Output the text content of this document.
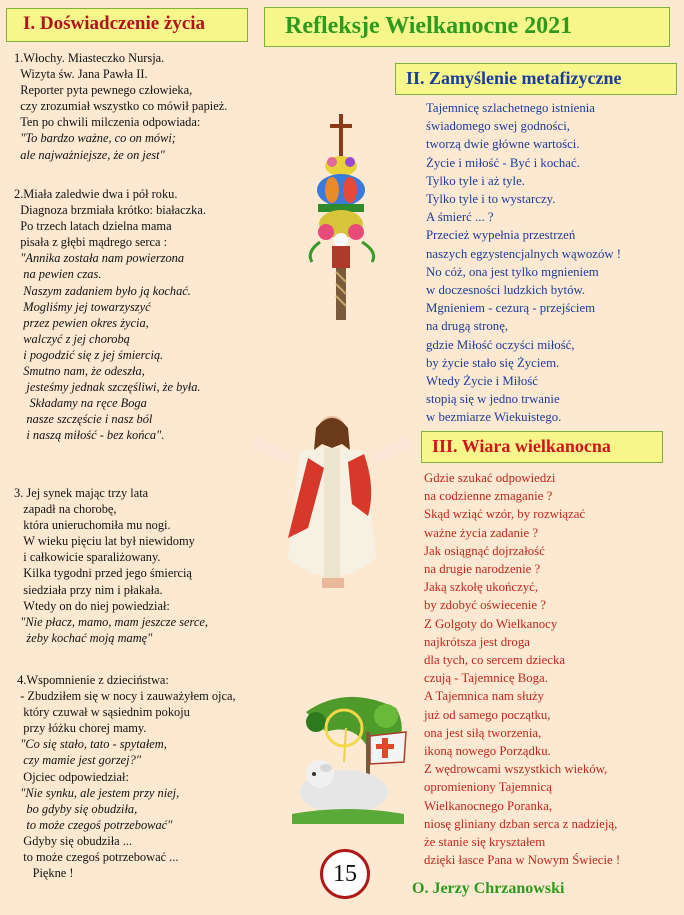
I. Doświadczenie życia	Refleksje Wielkanocne 2021
II. Zamyślenie metafizyczne
III. Wiara wielkanocna
1.Włochy. Miasteczko Nursja.
Wizyta św. Jana Pawła II.
Reporter pyta pewnego człowieka,
czy zrozumiał wszystko co mówił papież.
Ten po chwili milczenia odpowiada:
"To bardzo ważne, co on mówi;
ale najważniejsze, że on jest"
2.Miała zaledwie dwa i pół roku.
Diagnoza brzmiała krótko: białaczka.
Po trzech latach dzielna mama
pisała z głębi mądrego serca :
"Annika została nam powierzona
na pewien czas.
Naszym zadaniem było ją kochać.
Mogliśmy jej towarzyszyć
przez pewien okres życia,
walczyć z jej chorobą
i pogodzić się z jej śmiercią.
Smutno nam, że odeszła,
jesteśmy jednak szczęśliwi, że była.
Składamy na ręce Boga
nasze szczęście i nasz ból
i naszą miłość - bez końca".
3. Jej synek mając trzy lata
zapadł na chorobę,
która unieruchomiła mu nogi.
W wieku pięciu lat był niewidomy
i całkowicie sparaliżowany.
Kilka tygodni przed jego śmiercią
siedziała przy nim i płakała.
Wtedy on do niej powiedział:
"Nie płacz, mamo, mam jeszcze serce,
żeby kochać moją mamę"
4.Wspomnienie z dzieciństwa:
- Zbudziłem się w nocy i zauważyłem ojca,
który czuwał w sąsiednim pokoju
przy łóżku chorej mamy.
"Co się stało, tato - spytałem,
czy mamie jest gorzej?"
Ojciec odpowiedział:
"Nie synku, ale jestem przy niej,
bo gdyby się obudziła,
to może czegoś potrzebować"
Gdyby się obudziła ...
to może czegoś potrzebować ...
Piękne !
Tajemnicę szlachetnego istnienia
świadomego swej godności,
tworzą dwie główne wartości.
Życie i miłość - Być i kochać.
Tylko tyle i aż tyle.
Tylko tyle i to wystarczy.
A śmierć ... ?
Przecież wypełnia przestrzeń
naszych egzystencjalnych wąwozów !
No cóż, ona jest tylko mgnieniem
w doczesności ludzkich bytów.
Mgnieniem - cezurą - przejściem
na drugą stronę,
gdzie Miłość oczyści miłość,
by życie stało się Życiem.
Wtedy Życie i Miłość
stopią się w jedno trwanie
w bezmiarze Wiekuistego.
Gdzie szukać odpowiedzi
na codzienne zmaganie ?
Skąd wziąć wzór, by rozwiązać
ważne życia zadanie ?
Jak osiągnąć dojrzałość
na drugie narodzenie ?
Jaką szkołę ukończyć,
by zdobyć oświecenie ?
Z Golgoty do Wielkanocy
najkrótsza jest droga
dla tych, co sercem dziecka
czują - Tajemnicę Boga.
A Tajemnica nam służy
już od samego początku,
ona jest siłą tworzenia,
ikoną nowego Porządku.
Z wędrowcami wszystkich wieków,
opromieniony Tajemnicą
Wielkanocnego Poranka,
niosę gliniany dzban serca z nadzieją,
że stanie się kryształem
dzięki łasce Pana w Nowym Świecie !
15
O. Jerzy Chrzanowski
